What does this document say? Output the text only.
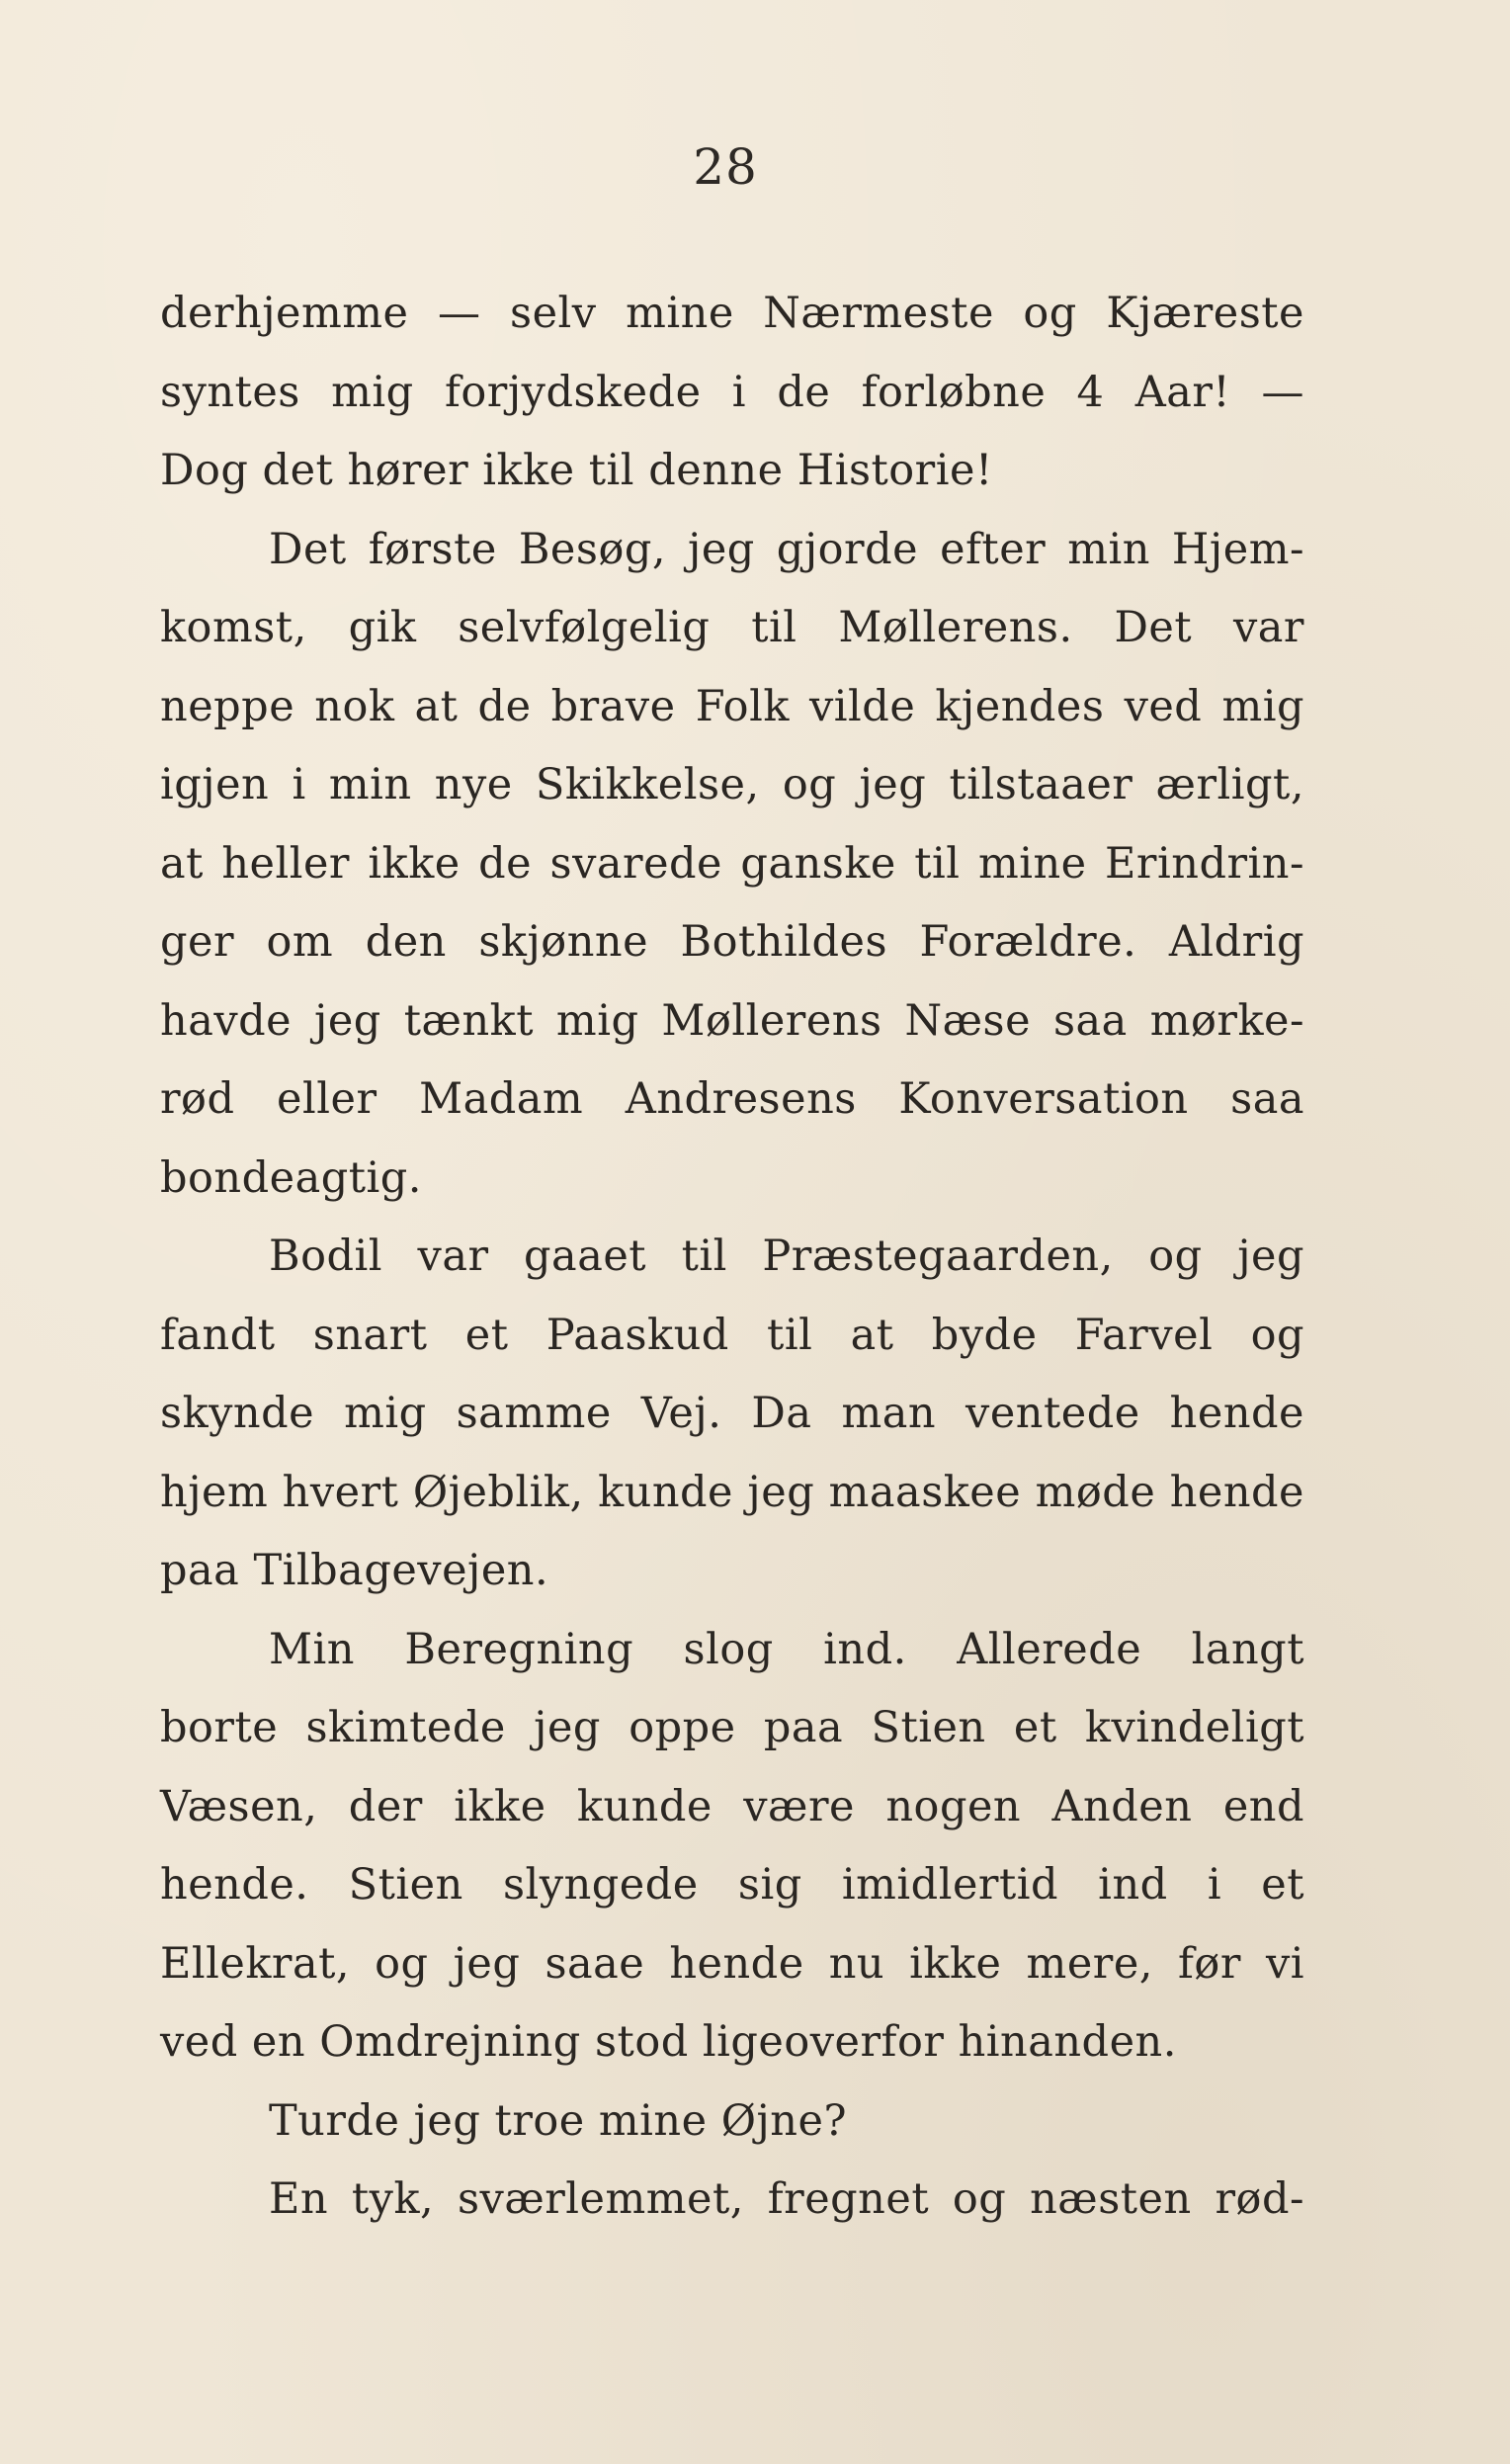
28
derhjemme — selv mine Nærmeste og Kjæreste
syntes mig forjydskede i de forløbne 4 Aar! —
Dog det hører ikke til denne Historie!
Det første Besøg, jeg gjorde efter min Hjem-
komst, gik selvfølgelig til Møllerens. Det var
neppe nok at de brave Folk vilde kjendes ved mig
igjen i min nye Skikkelse, og jeg tilstaaer ærligt,
at heller ikke de svarede ganske til mine Erindrin-
ger om den skjønne Bothildes Forældre. Aldrig
havde jeg tænkt mig Møllerens Næse saa mørke-
rød eller Madam Andresens Konversation saa
bondeagtig.
Bodil var gaaet til Præstegaarden, og jeg
fandt snart et Paaskud til at byde Farvel og
skynde mig samme Vej. Da man ventede hende
hjem hvert Øjeblik, kunde jeg maaskee møde hende
paa Tilbagevejen.
Min Beregning slog ind. Allerede langt
borte skimtede jeg oppe paa Stien et kvindeligt
Væsen, der ikke kunde være nogen Anden end
hende. Stien slyngede sig imidlertid ind i et
Ellekrat, og jeg saae hende nu ikke mere, før vi
ved en Omdrejning stod ligeoverfor hinanden.
Turde jeg troe mine Øjne?
En tyk, sværlemmet, fregnet og næsten rød-
